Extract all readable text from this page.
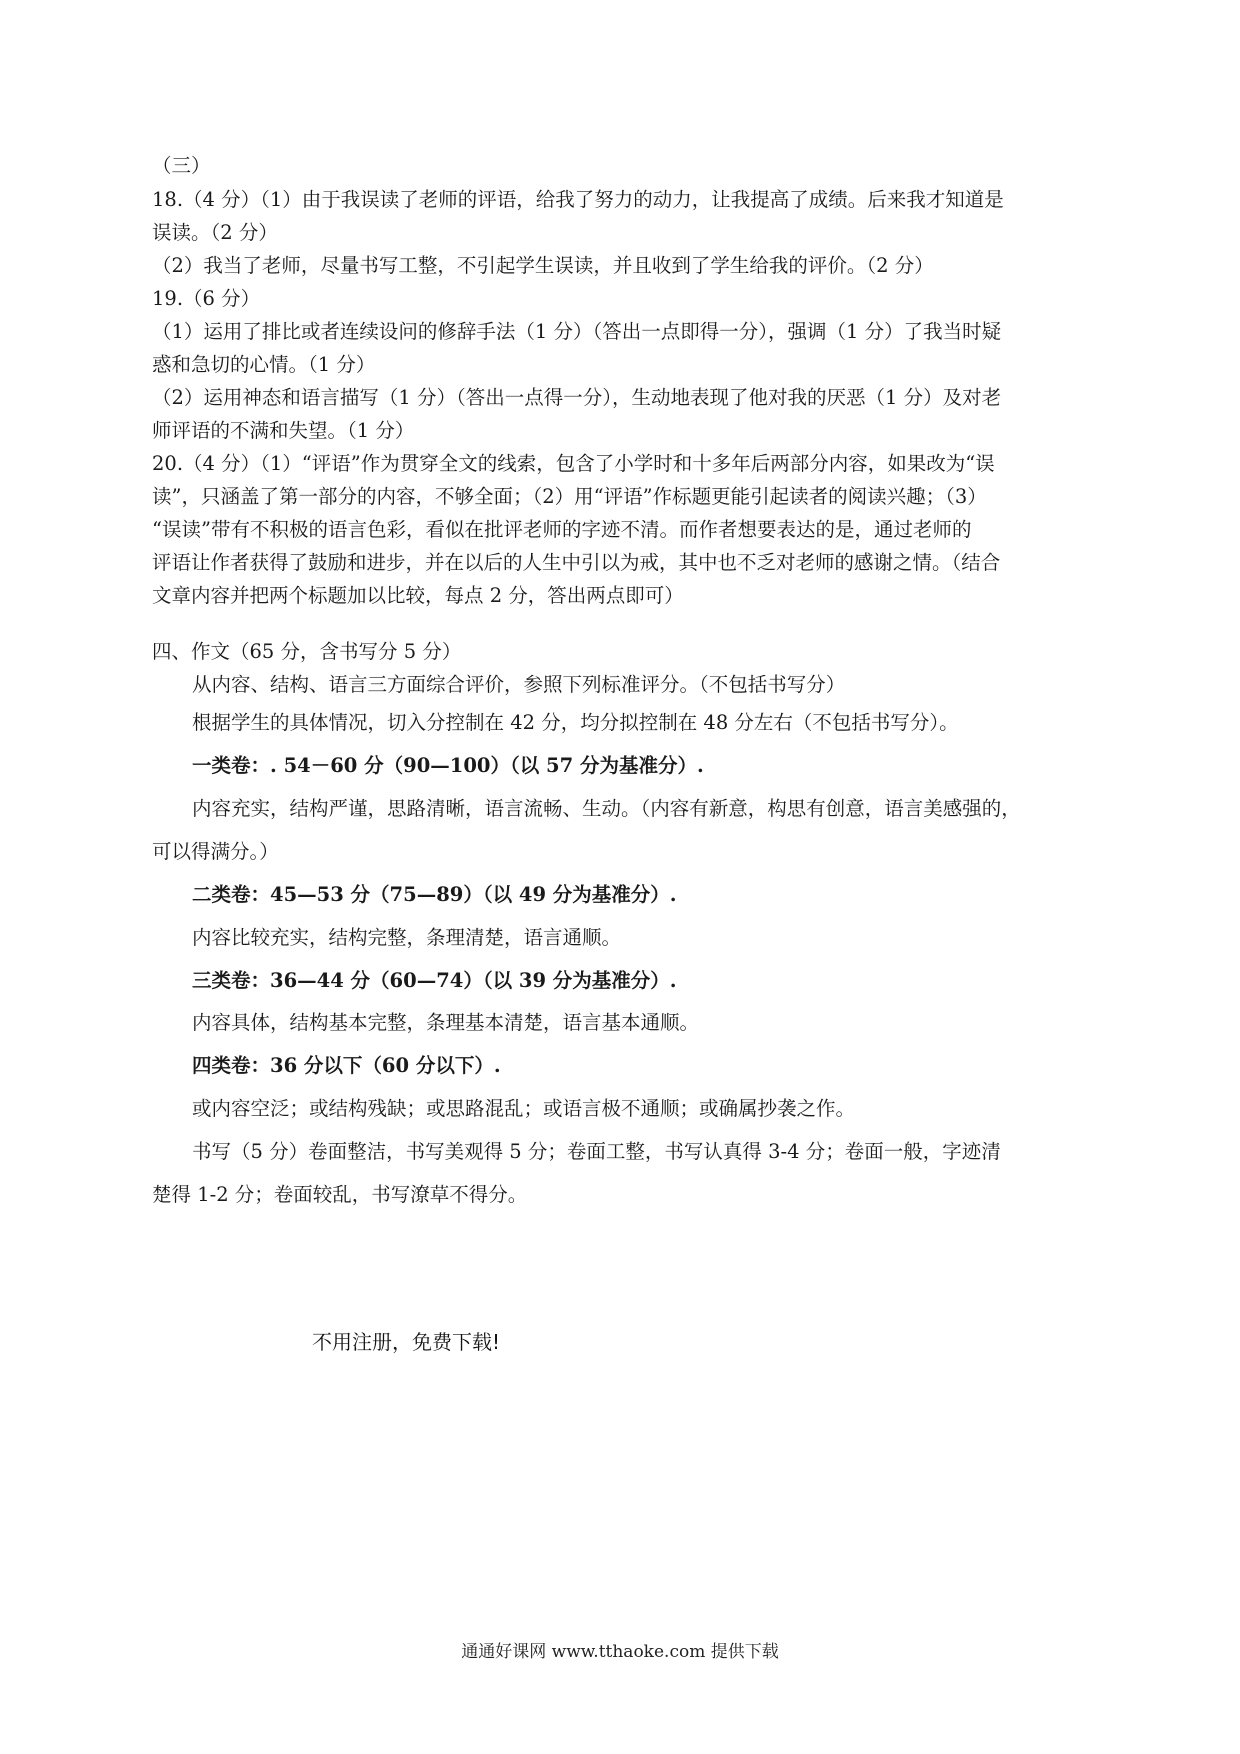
（三）
18.（4 分）（1）由于我误读了老师的评语，给我了努力的动力，让我提高了成绩。后来我才知道是
误读。（2 分）
（2）我当了老师，尽量书写工整，不引起学生误读，并且收到了学生给我的评价。（2 分）
19.（6 分）
（1）运用了排比或者连续设问的修辞手法（1 分）（答出一点即得一分），强调（1 分）了我当时疑
惑和急切的心情。（1 分）
（2）运用神态和语言描写（1 分）（答出一点得一分），生动地表现了他对我的厌恶（1 分）及对老
师评语的不满和失望。（1 分）
20.（4 分）（1）“评语”作为贯穿全文的线索，包含了小学时和十多年后两部分内容，如果改为“误
读”，只涵盖了第一部分的内容，不够全面；（2）用“评语”作标题更能引起读者的阅读兴趣；（3）
“误读”带有不积极的语言色彩，看似在批评老师的字迹不清。而作者想要表达的是，通过老师的
评语让作者获得了鼓励和进步，并在以后的人生中引以为戒，其中也不乏对老师的感谢之情。（结合
文章内容并把两个标题加以比较，每点 2 分，答出两点即可）
四、作文（65 分，含书写分 5 分）
从内容、结构、语言三方面综合评价，参照下列标准评分。（不包括书写分）
根据学生的具体情况，切入分控制在 42 分，均分拟控制在 48 分左右（不包括书写分）。
一类卷：. 54－60 分（90—100）（以 57 分为基准分）.
内容充实，结构严谨，思路清晰，语言流畅、生动。（内容有新意，构思有创意，语言美感强的，
可以得满分。）
二类卷：45—53 分（75—89）（以 49 分为基准分）.
内容比较充实，结构完整，条理清楚，语言通顺。
三类卷：36—44 分（60—74）（以 39 分为基准分）.
内容具体，结构基本完整，条理基本清楚，语言基本通顺。
四类卷：36 分以下（60 分以下）.
或内容空泛；或结构残缺；或思路混乱；或语言极不通顺；或确属抄袭之作。
书写（5 分）卷面整洁，书写美观得 5 分；卷面工整，书写认真得 3-4 分；卷面一般，字迹清
楚得 1-2 分；卷面较乱，书写潦草不得分。
不用注册，免费下载!
通通好课网 www.tthaoke.com 提供下载
